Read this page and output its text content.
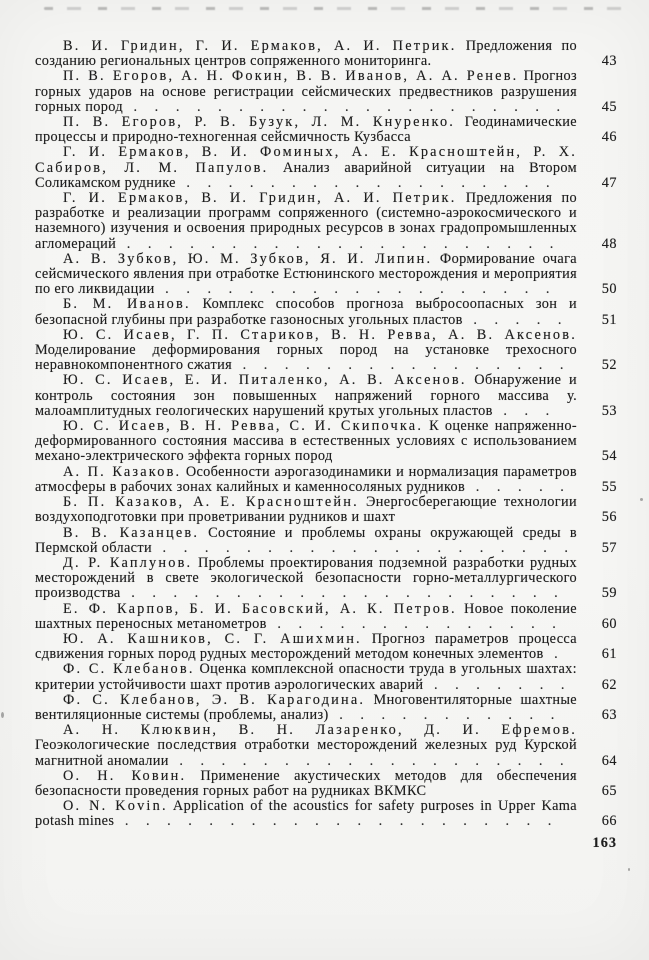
В. И. Гридин, Г. И. Ермаков, А. И. Петрик. Предложения по созданию региональных центров сопряженного мониторинга.	43

П. В. Егоров, А. Н. Фокин, В. В. Иванов, А. А. Ренев. Прогноз горных ударов на основе регистрации сейсмических предвестников разрушения горных пород . . . . . . . . . . . . . . . . . . . . .	45

П. В. Егоров, Р. В. Бузук, Л. М. Кнуренко. Геодинамические процессы и природно-техногенная сейсмичность Кузбасса	46

Г. И. Ермаков, В. И. Фоминых, А. Е. Красноштейн, Р. Х. Сабиров, Л. М. Папулов. Анализ аварийной ситуации на Втором Соликамском руднике . . . . . . . . . . . . . . . . . .	47

Г. И. Ермаков, В. И. Гридин, А. И. Петрик. Предложения по разработке и реализации программ сопряженного (системно-аэрокосмического и наземного) изучения и освоения природных ресурсов в зонах градопромышленных агломераций . . . . . . . . . . . . . . . . . . . . .	48

А. В. Зубков, Ю. М. Зубков, Я. И. Липин. Формирование очага сейсмического явления при отработке Естюнинского месторождения и мероприятия по его ликвидации . . . . . . . . . . . . . . . . . . .	50

Б. М. Иванов. Комплекс способов прогноза выбросоопасных зон и безопасной глубины при разработке газоносных угольных пластов . . . . .	51

Ю. С. Исаев, Г. П. Стариков, В. Н. Ревва, А. В. Аксенов. Моделирование деформирования горных пород на установке трехосного неравнокомпонентного сжатия . . . . . . . . . . . . . . . .	52

Ю. С. Исаев, Е. И. Питаленко, А. В. Аксенов. Обнаружение и контроль состояния зон повышенных напряжений горного массива у. малоамплитудных геологических нарушений крутых угольных пластов . . .	53

Ю. С. Исаев, В. Н. Ревва, С. И. Скипочка. К оценке напряженно-деформированного состояния массива в естественных условиях с использованием механо-электрического эффекта горных пород	54

А. П. Казаков. Особенности аэрогазодинамики и нормализация параметров атмосферы в рабочих зонах калийных и каменносоляных рудников . . . . .	55

Б. П. Казаков, А. Е. Красноштейн. Энергосберегающие технологии воздухоподготовки при проветривании рудников и шахт	56

В. В. Казанцев. Состояние и проблемы охраны окружающей среды в Пермской области . . . . . . . . . . . . . . . . . . . .	57

Д. Р. Каплунов. Проблемы проектирования подземной разработки рудных месторождений в свете экологической безопасности горно-металлургического производства . . . . . . . . . . . . . . . . . . . . .	59

Е. Ф. Карпов, Б. И. Басовский, А. К. Петров. Новое поколение шахтных переносных метанометров . . . . . . . . . . . . . .	60

Ю. А. Кашников, С. Г. Ашихмин. Прогноз параметров процесса сдвижения горных пород рудных месторождений методом конечных элементов .	61

Ф. С. Клебанов. Оценка комплексной опасности труда в угольных шахтах: критерии устойчивости шахт против аэрологических аварий . . . . . . .	62

Ф. С. Клебанов, Э. В. Карагодина. Многовентиляторные шахтные вентиляционные системы (проблемы, анализ) . . . . . . . . . . .	63

А. Н. Клюквин, В. Н. Лазаренко, Д. И. Ефремов. Геоэкологические последствия отработки месторождений железных руд Курской магнитной аномалии . . . . . . . . . . . . . . . . . . .	64

О. Н. Ковин. Применение акустических методов для обеспечения безопасности проведения горных работ на рудниках ВКМКС	65

O. N. Kovin. Application of the acoustics for safety purposes in Upper Kama potash mines . . . . . . . . . . . . . . . . . . . . .	66

163
